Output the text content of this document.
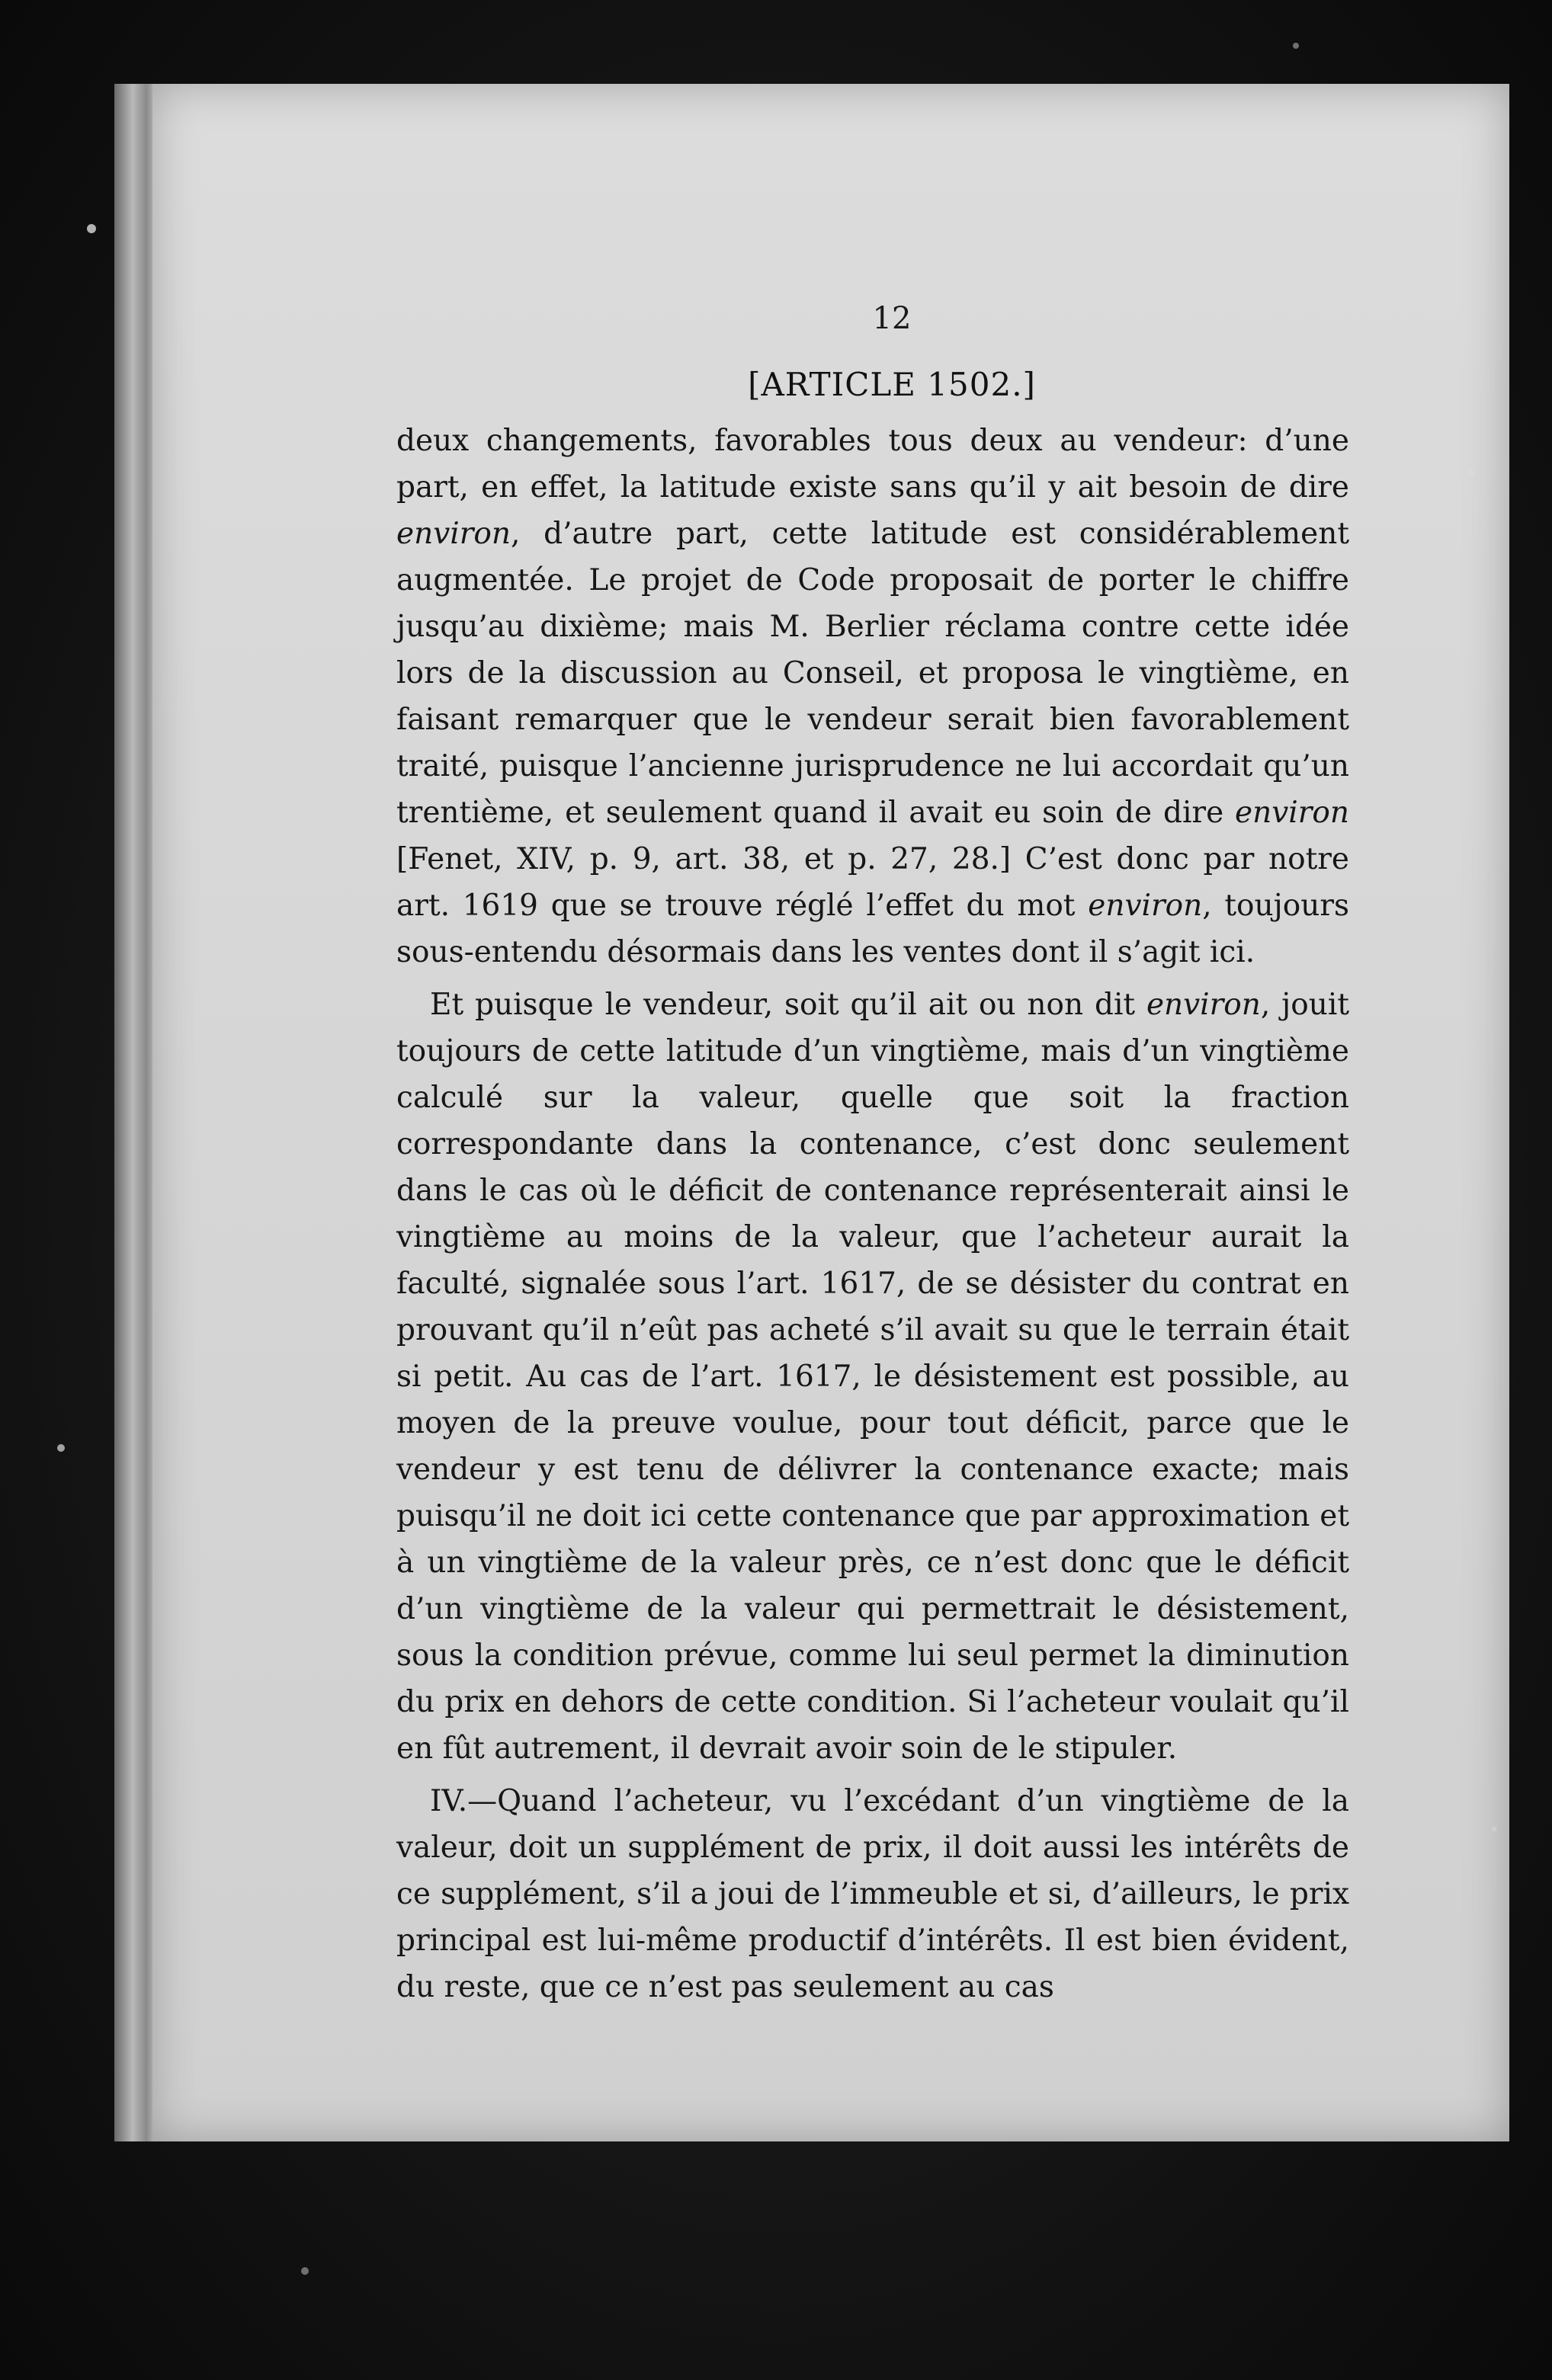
12
[ARTICLE 1502.]

deux changements, favorables tous deux au vendeur: d’une part, en effet, la latitude existe sans qu’il y ait besoin de dire environ, d’autre part, cette latitude est considérablement augmentée. Le projet de Code proposait de porter le chiffre jusqu’au dixième; mais M. Berlier réclama contre cette idée lors de la discussion au Conseil, et proposa le vingtième, en faisant remarquer que le vendeur serait bien favorablement traité, puisque l’ancienne jurisprudence ne lui accordait qu’un trentième, et seulement quand il avait eu soin de dire environ [Fenet, XIV, p. 9, art. 38, et p. 27, 28.] C’est donc par notre art. 1619 que se trouve réglé l’effet du mot environ, toujours sous-entendu désormais dans les ventes dont il s’agit ici.

Et puisque le vendeur, soit qu’il ait ou non dit environ, jouit toujours de cette latitude d’un vingtième, mais d’un vingtième calculé sur la valeur, quelle que soit la fraction correspondante dans la contenance, c’est donc seulement dans le cas où le déficit de contenance représenterait ainsi le vingtième au moins de la valeur, que l’acheteur aurait la faculté, signalée sous l’art. 1617, de se désister du contrat en prouvant qu’il n’eût pas acheté s’il avait su que le terrain était si petit. Au cas de l’art. 1617, le désistement est possible, au moyen de la preuve voulue, pour tout déficit, parce que le vendeur y est tenu de délivrer la contenance exacte; mais puisqu’il ne doit ici cette contenance que par approximation et à un vingtième de la valeur près, ce n’est donc que le déficit d’un vingtième de la valeur qui permettrait le désistement, sous la condition prévue, comme lui seul permet la diminution du prix en dehors de cette condition. Si l’acheteur voulait qu’il en fût autrement, il devrait avoir soin de le stipuler.

IV.—Quand l’acheteur, vu l’excédant d’un vingtième de la valeur, doit un supplément de prix, il doit aussi les intérêts de ce supplément, s’il a joui de l’immeuble et si, d’ailleurs, le prix principal est lui-même productif d’intérêts. Il est bien évident, du reste, que ce n’est pas seulement au cas
